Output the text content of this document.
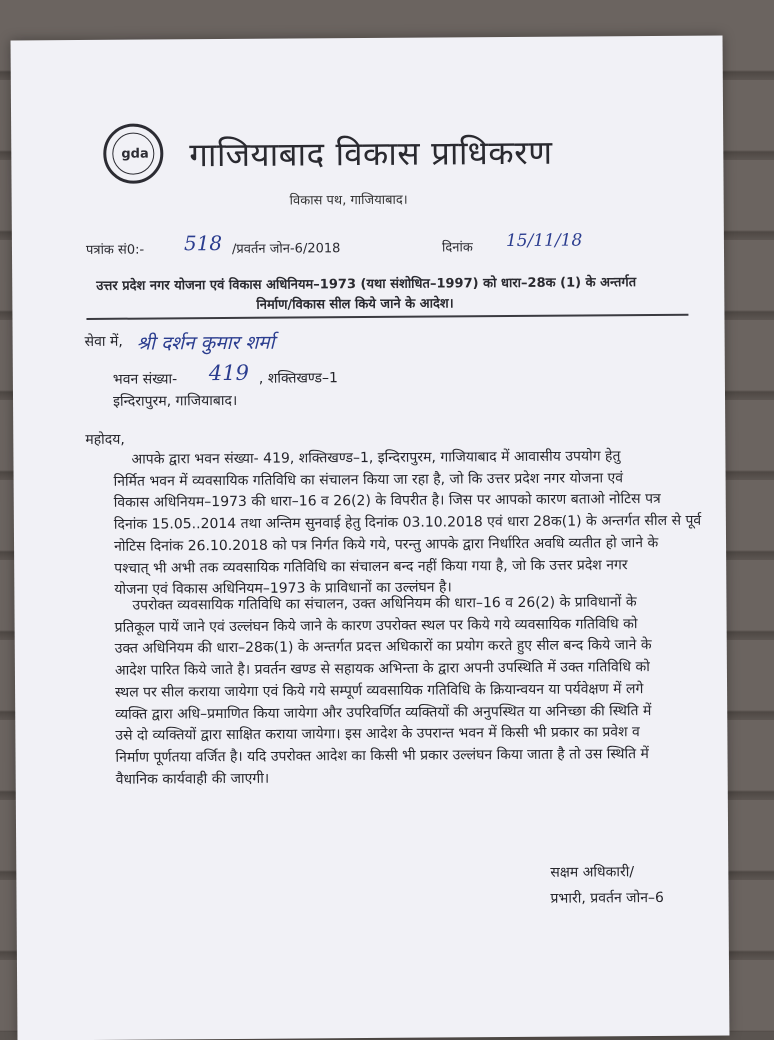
gda गाजियाबाद विकास प्राधिकरण
विकास पथ, गाजियाबाद।
पत्रांक सं0:- 518 /प्रवर्तन जोन-6/2018	दिनांक 15/11/18
उत्तर प्रदेश नगर योजना एवं विकास अधिनियम–1973 (यथा संशोधित–1997) को धारा–28क (1) के अन्तर्गत
निर्माण/विकास सील किये जाने के आदेश।
सेवा में, श्री दर्शन कुमार शर्मा
भवन संख्या- 419 , शक्तिखण्ड–1
इन्दिरापुरम, गाजियाबाद।
महोदय,
आपके द्वारा भवन संख्या- 419, शक्तिखण्ड–1, इन्दिरापुरम, गाजियाबाद में आवासीय उपयोग हेतु
निर्मित भवन में व्यवसायिक गतिविधि का संचालन किया जा रहा है, जो कि उत्तर प्रदेश नगर योजना एवं
विकास अधिनियम–1973 की धारा–16 व 26(2) के विपरीत है। जिस पर आपको कारण बताओ नोटिस पत्र
दिनांक 15.05..2014 तथा अन्तिम सुनवाई हेतु दिनांक 03.10.2018 एवं धारा 28क(1) के अन्तर्गत सील से पूर्व
नोटिस दिनांक 26.10.2018 को पत्र निर्गत किये गये, परन्तु आपके द्वारा निर्धारित अवधि व्यतीत हो जाने के
पश्चात् भी अभी तक व्यवसायिक गतिविधि का संचालन बन्द नहीं किया गया है, जो कि उत्तर प्रदेश नगर
योजना एवं विकास अधिनियम–1973 के प्राविधानों का उल्लंघन है।
उपरोक्त व्यवसायिक गतिविधि का संचालन, उक्त अधिनियम की धारा–16 व 26(2) के प्राविधानों के
प्रतिकूल पायें जाने एवं उल्लंघन किये जाने के कारण उपरोक्त स्थल पर किये गये व्यवसायिक गतिविधि को
उक्त अधिनियम की धारा–28क(1) के अन्तर्गत प्रदत्त अधिकारों का प्रयोग करते हुए सील बन्द किये जाने के
आदेश पारित किये जाते है। प्रवर्तन खण्ड से सहायक अभिन्ता के द्वारा अपनी उपस्थिति में उक्त गतिविधि को
स्थल पर सील कराया जायेगा एवं किये गये सम्पूर्ण व्यवसायिक गतिविधि के क्रियान्वयन या पर्यवेक्षण में लगे
व्यक्ति द्वारा अधि–प्रमाणित किया जायेगा और उपरिवर्णित व्यक्तियों की अनुपस्थित या अनिच्छा की स्थिति में
उसे दो व्यक्तियों द्वारा साक्षित कराया जायेगा। इस आदेश के उपरान्त भवन में किसी भी प्रकार का प्रवेश व
निर्माण पूर्णतया वर्जित है। यदि उपरोक्त आदेश का किसी भी प्रकार उल्लंघन किया जाता है तो उस स्थिति में
वैधानिक कार्यवाही की जाएगी।
सक्षम अधिकारी/
प्रभारी, प्रवर्तन जोन–6
